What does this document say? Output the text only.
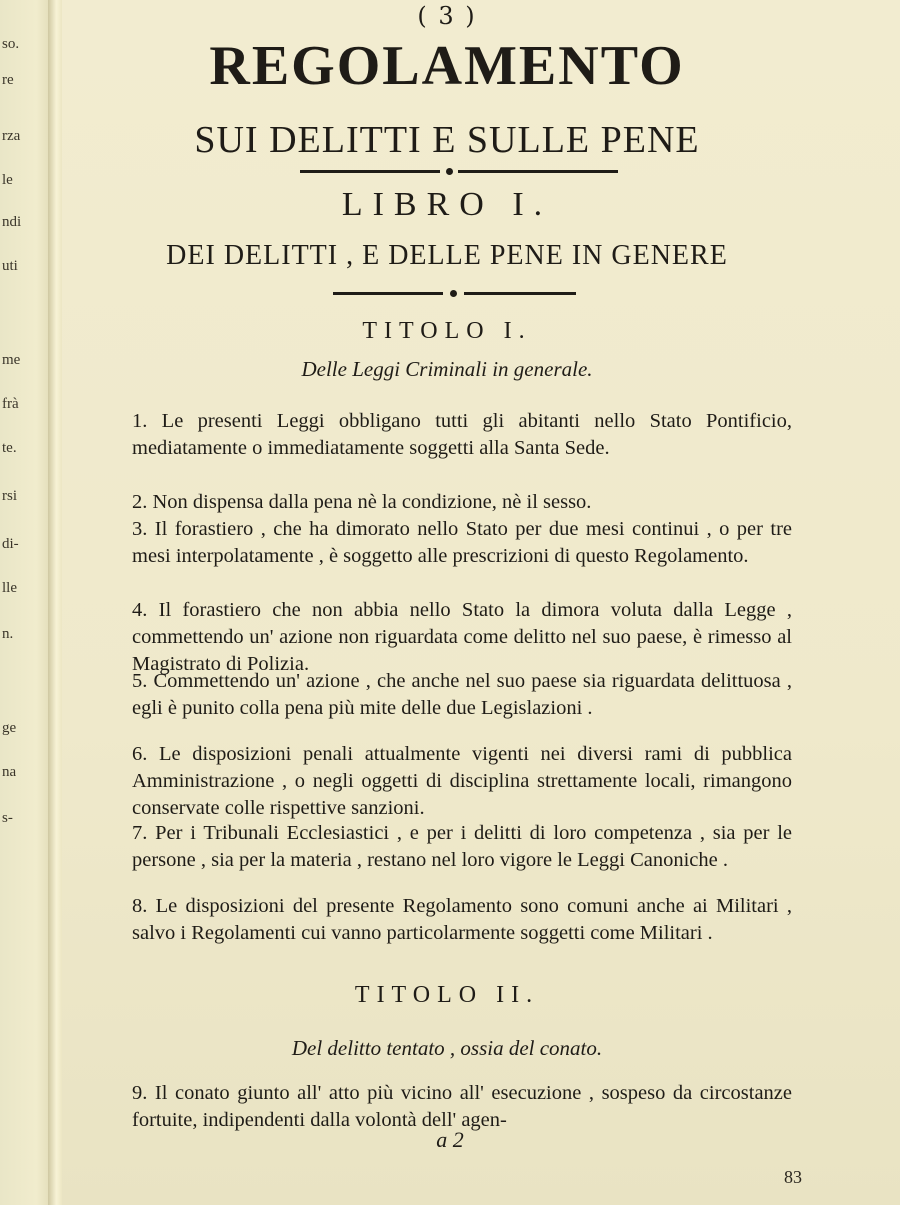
so.
re
rza
le
ndi
uti
me
frà
te.
rsi
di-
lle
n.
ge
na
s-
( 3 )
REGOLAMENTO
SUI DELITTI E SULLE PENE
LIBRO I.
DEI DELITTI , E DELLE PENE IN GENERE
TITOLO I.
Delle Leggi Criminali in generale.
1. Le presenti Leggi obbligano tutti gli abitanti nello Stato Pontificio, mediatamente o immediatamente soggetti alla Santa Sede.
2. Non dispensa dalla pena nè la condizione, nè il sesso.
3. Il forastiero , che ha dimorato nello Stato per due mesi continui , o per tre mesi interpolatamente , è soggetto alle prescrizioni di questo Regolamento.
4. Il forastiero che non abbia nello Stato la dimora voluta dalla Legge , commettendo un' azione non riguardata come delitto nel suo paese, è rimesso al Magistrato di Polizia.
5. Commettendo un' azione , che anche nel suo paese sia riguardata delittuosa , egli è punito colla pena più mite delle due Legislazioni .
6. Le disposizioni penali attualmente vigenti nei diversi rami di pubblica Amministrazione , o negli oggetti di disciplina strettamente locali, rimangono conservate colle rispettive sanzioni.
7. Per i Tribunali Ecclesiastici , e per i delitti di loro competenza , sia per le persone , sia per la materia , restano nel loro vigore le Leggi Canoniche .
8. Le disposizioni del presente Regolamento sono comuni anche ai Militari , salvo i Regolamenti cui vanno particolarmente soggetti come Militari .
TITOLO II.
Del delitto tentato , ossia del conato.
9. Il conato giunto all' atto più vicino all' esecuzione , sospeso da circostanze fortuite, indipendenti dalla volontà dell' agen-
a 2
83
